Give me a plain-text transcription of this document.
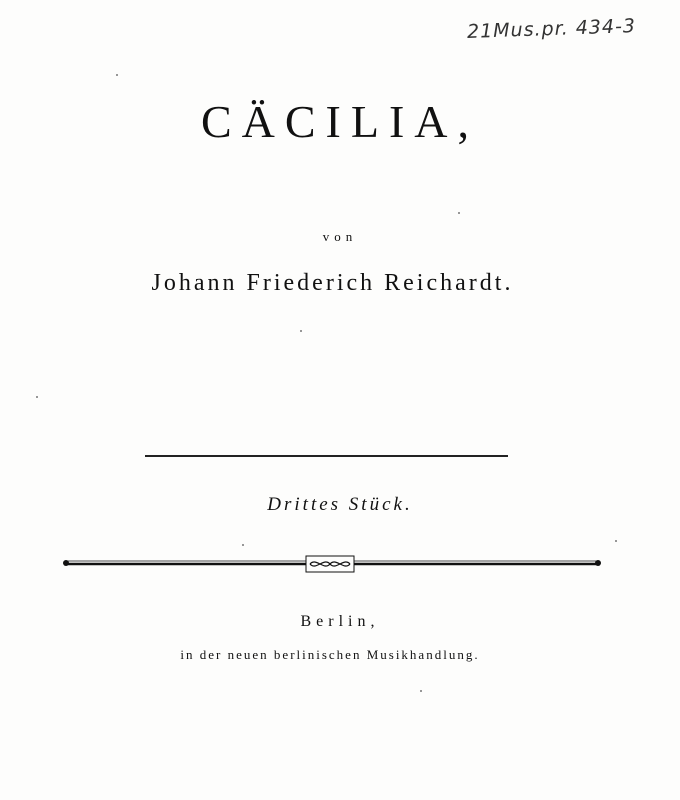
21Mus.pr. 434-3
CÄCILIA,
von
Johann Friederich Reichardt.
Drittes Stück.
Berlin,
in der neuen berlinischen Musikhandlung.
